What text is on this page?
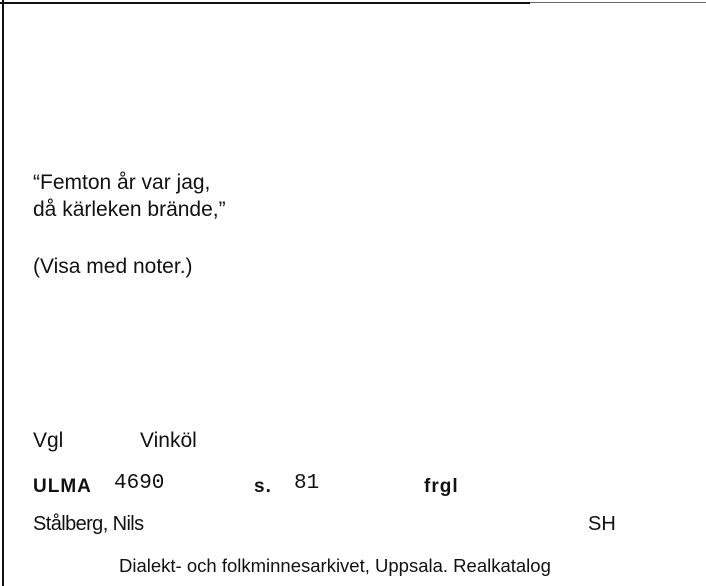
“Femton år var jag,
då kärleken brände,”
(Visa med noter.)
Vgl	Vinköl
ULMA 4690	s. 81	frgl
Stålberg, Nils	SH
Dialekt- och folkminnesarkivet, Uppsala. Realkatalog
